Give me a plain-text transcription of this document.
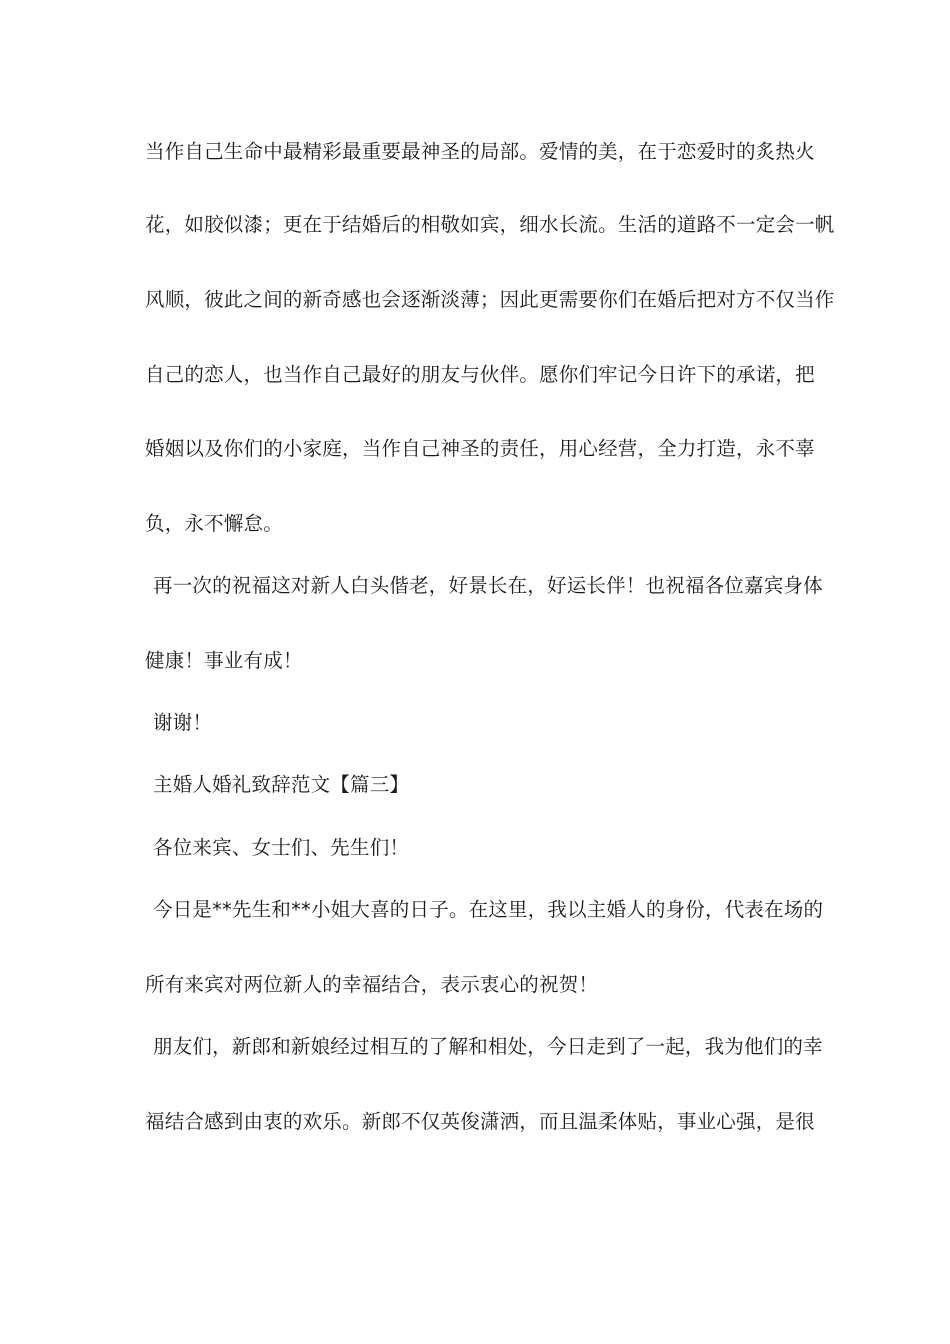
当作自己生命中最精彩最重要最神圣的局部。爱情的美，在于恋爱时的炙热火
花，如胶似漆；更在于结婚后的相敬如宾，细水长流。生活的道路不一定会一帆
风顺，彼此之间的新奇感也会逐渐淡薄；因此更需要你们在婚后把对方不仅当作
自己的恋人，也当作自己最好的朋友与伙伴。愿你们牢记今日许下的承诺，把
婚姻以及你们的小家庭，当作自己神圣的责任，用心经营，全力打造，永不辜
负，永不懈怠。
再一次的祝福这对新人白头偕老，好景长在，好运长伴！也祝福各位嘉宾身体
健康！事业有成！
谢谢！
主婚人婚礼致辞范文【篇三】
各位来宾、女士们、先生们！
今日是**先生和**小姐大喜的日子。在这里，我以主婚人的身份，代表在场的
所有来宾对两位新人的幸福结合，表示衷心的祝贺！
朋友们，新郎和新娘经过相互的了解和相处，今日走到了一起，我为他们的幸
福结合感到由衷的欢乐。新郎不仅英俊潇洒，而且温柔体贴，事业心强，是很
